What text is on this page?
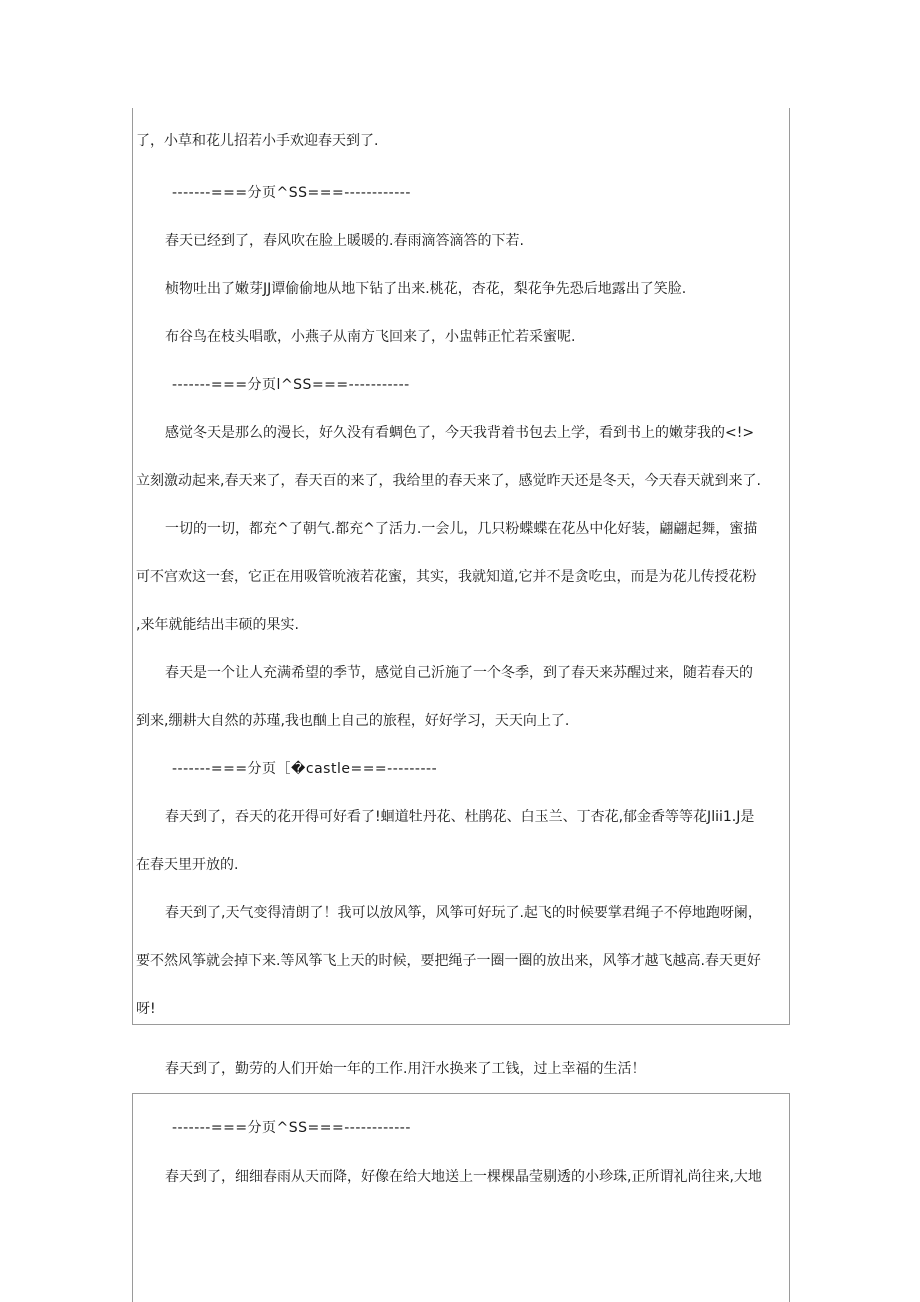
了，小草和花儿招若小手欢迎春天到了.
-------===分页^SS===------------
春天已经到了，春风吹在脸上暖暖的.春雨滴答滴答的下若.
桢物吐出了嫩芽JJ谭偷偷地从地下钻了出来.桃花，杏花，梨花争先恐后地露出了笑脸.
布谷鸟在枝头唱歌，小燕子从南方飞回来了，小盅韩正忙若采蜜呢.
-------===分页l^SS===-----------
感觉冬天是那么的漫长，好久没有看蜩色了，今天我背着书包去上学，看到书上的嫩芽我的<!>
立刻激动起来,春天来了，春天百的来了，我给里的春天来了，感觉昨天还是冬天，今天春天就到来了.
一切的一切，都充^了朝气.都充^了活力.一会儿，几只粉蝶蝶在花丛中化好装，翩翩起舞，蜜描
可不宫欢这一套，它正在用吸管吮液若花蜜，其实，我就知道,它并不是贪吃虫，而是为花儿传授花粉
,来年就能结出丰硕的果实.
春天是一个让人充满希望的季节，感觉自己沂施了一个冬季，到了春天来苏醒过来，随若春天的
到来,绷耕大自然的苏瑾,我也酗上自己的旅程，好好学习，天天向上了.
-------===分页［�castle===---------
春天到了，吞天的花开得可好看了!蛔道牡丹花、杜鹃花、白玉兰、丁杏花,郁金香等等花Jlii1.J是
在春天里开放的.
春天到了,天气变得清朗了！我可以放风筝，风筝可好玩了.起飞的时候要掌君绳子不停地跑呀阑，
要不然风筝就会掉下来.等风筝飞上天的时候，要把绳子一圈一圈的放出来，风筝才越飞越高.春天更好
呀!
春天到了，勤劳的人们开始一年的工作.用汗水换来了工钱，过上幸福的生活！
-------===分页^SS===------------
春天到了，细细春雨从天而降，好像在给大地送上一棵棵晶莹剔透的小珍珠,正所谓礼尚往来,大地
